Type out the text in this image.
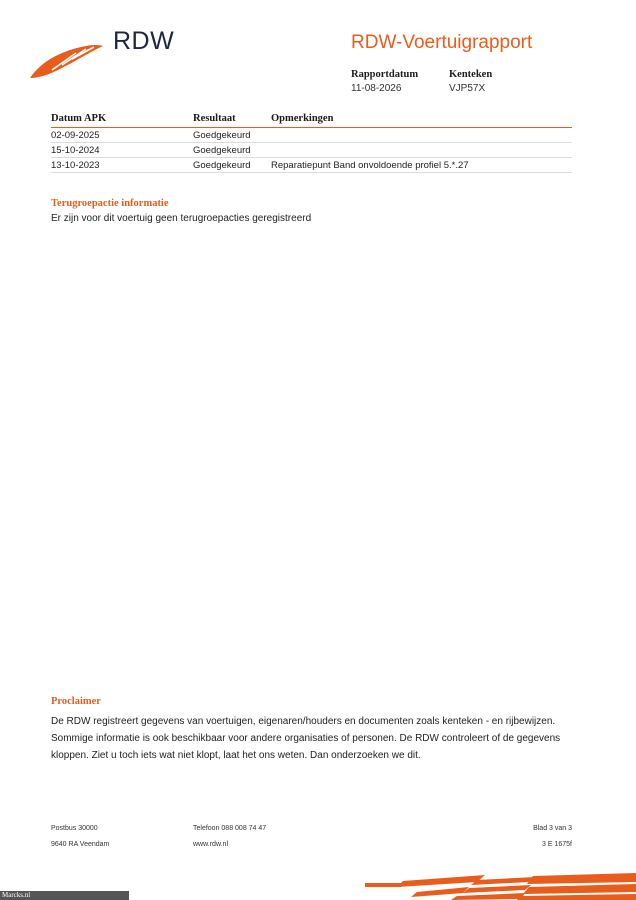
RDW	RDW-Voertuigrapport
Rapportdatum
11-08-2026
Kenteken
VJP57X
Datum APK	Resultaat	Opmerkingen
02-09-2025	Goedgekeurd	
15-10-2024	Goedgekeurd	
13-10-2023	Goedgekeurd	Reparatiepunt Band onvoldoende profiel 5.*.27
Terugroepactie informatie
Er zijn voor dit voertuig geen terugroepacties geregistreerd
Proclaimer
De RDW registreert gegevens van voertuigen, eigenaren/houders en documenten zoals kenteken - en rijbewijzen.
Sommige informatie is ook beschikbaar voor andere organisaties of personen. De RDW controleert of de gegevens
kloppen. Ziet u toch iets wat niet klopt, laat het ons weten. Dan onderzoeken we dit.
Postbus 30000
9640 RA Veendam
Telefoon 088 008 74 47
www.rdw.nl
Blad 3 van 3
3 E 1675f
Marcks.nl
